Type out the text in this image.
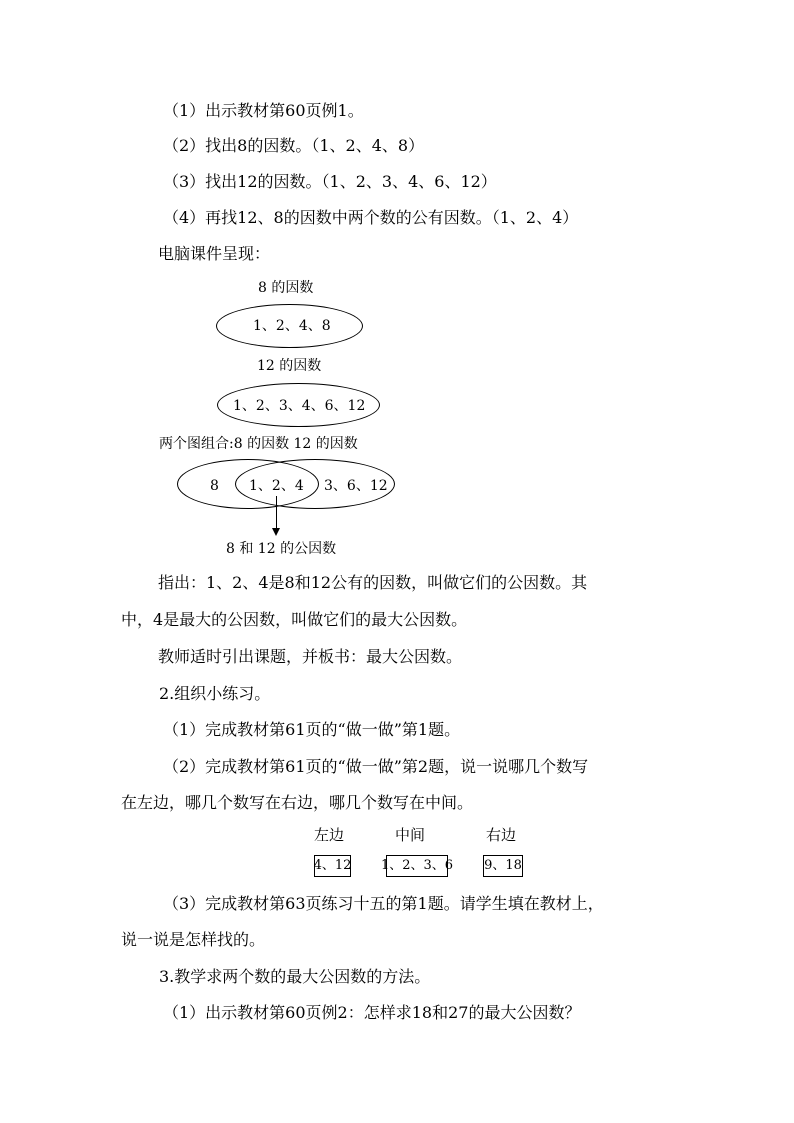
（1）出示教材第60页例1。

（2）找出8的因数。（1、2、4、8）

（3）找出12的因数。（1、2、3、4、6、12）

（4）再找12、8的因数中两个数的公有因数。（1、2、4）

电脑课件呈现：

8 的因数
1、2、4、8
12 的因数
1、2、3、4、6、12
两个图组合:8 的因数 12 的因数
8 1、2、4 3、6、12
8 和 12 的公因数

指出：1、2、4是8和12公有的因数，叫做它们的公因数。其

中，4是最大的公因数，叫做它们的最大公因数。

教师适时引出课题，并板书：最大公因数。

2.组织小练习。

（1）完成教材第61页的“做一做”第1题。

（2）完成教材第61页的“做一做”第2题，说一说哪几个数写

在左边，哪几个数写在右边，哪几个数写在中间。

左边	中间	右边
4、12 1、2、3、6 9、18

（3）完成教材第63页练习十五的第1题。请学生填在教材上，

说一说是怎样找的。

3.教学求两个数的最大公因数的方法。

（1）出示教材第60页例2：怎样求18和27的最大公因数？
